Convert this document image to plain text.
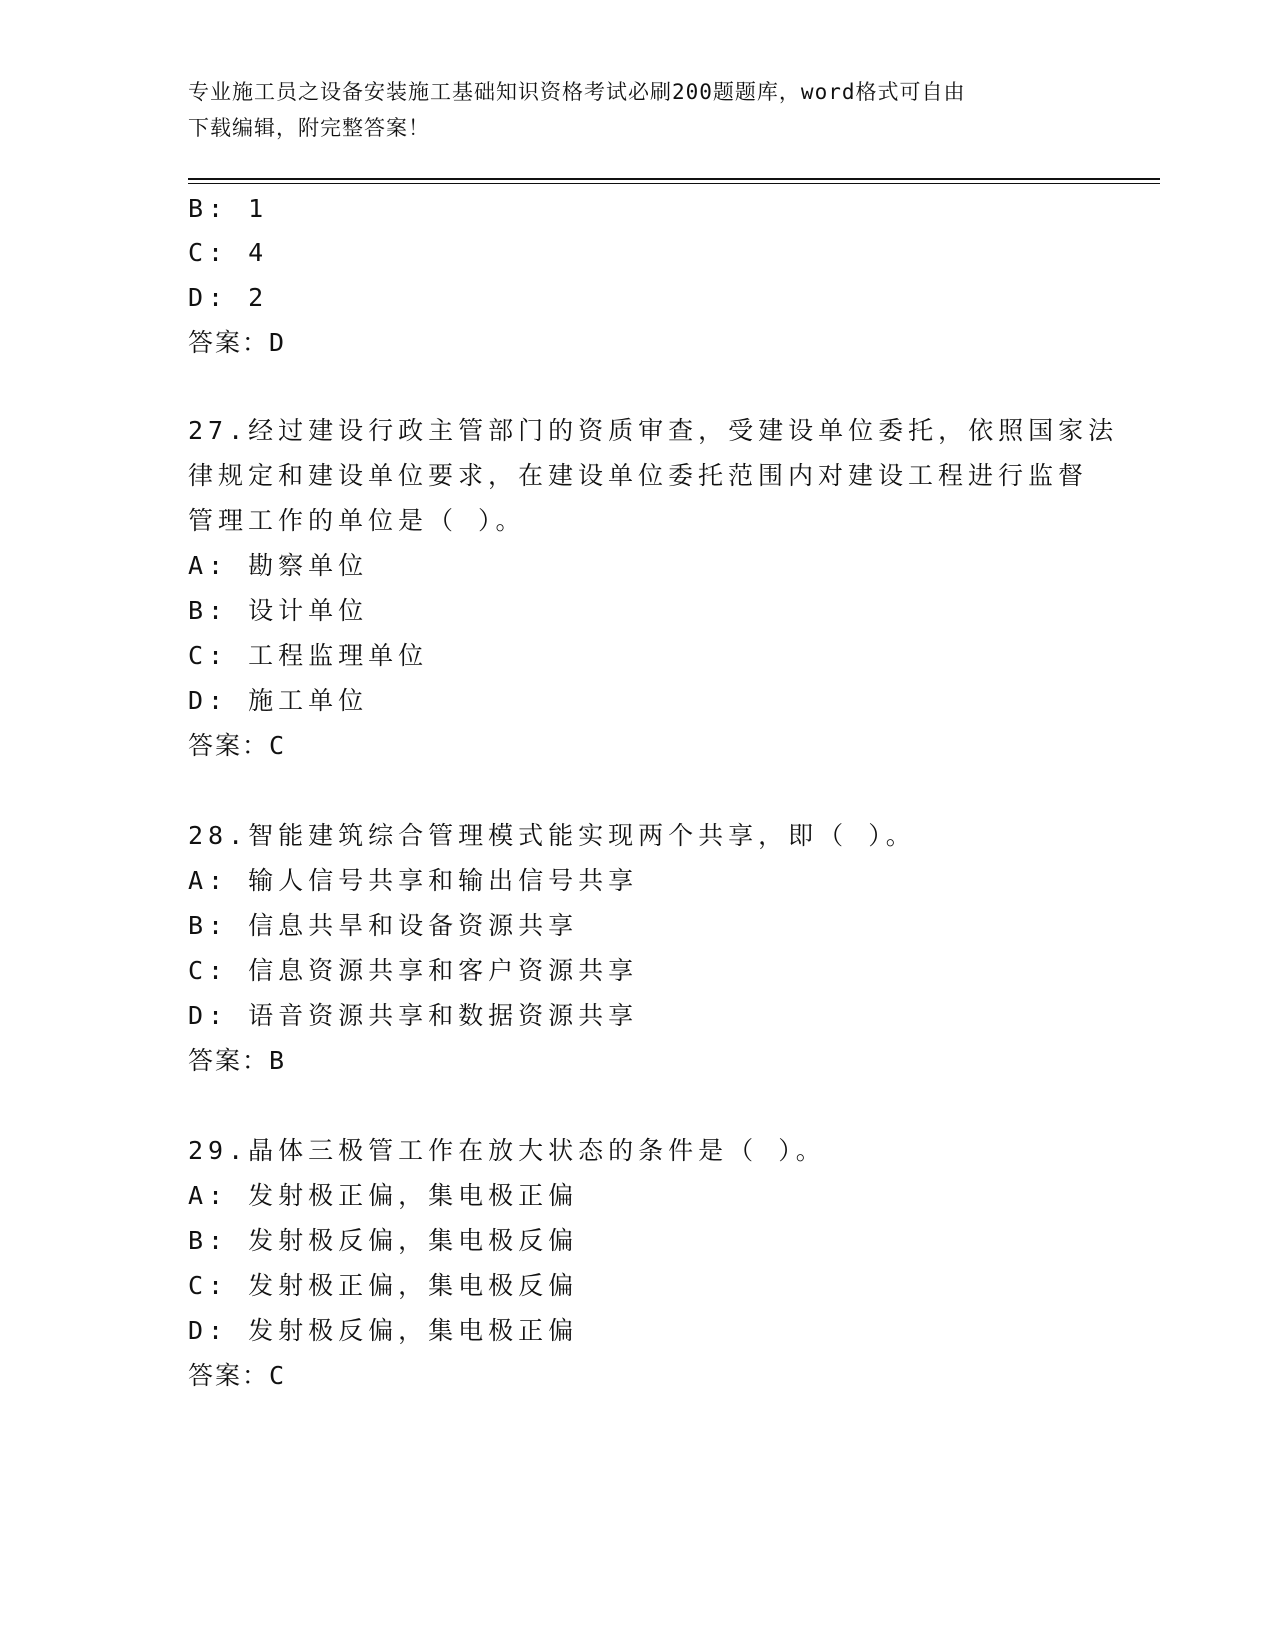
专业施工员之设备安装施工基础知识资格考试必刷200题题库，word格式可自由
下载编辑，附完整答案！
B: 1
C: 4
D: 2
答案：D
27.经过建设行政主管部门的资质审查，受建设单位委托，依照国家法
律规定和建设单位要求，在建设单位委托范围内对建设工程进行监督
管理工作的单位是（ ）。
A: 勘察单位
B: 设计单位
C: 工程监理单位
D: 施工单位
答案：C
28.智能建筑综合管理模式能实现两个共享，即（ ）。
A: 输人信号共享和输出信号共享
B: 信息共旱和设备资源共享
C: 信息资源共享和客户资源共享
D: 语音资源共享和数据资源共享
答案：B
29.晶体三极管工作在放大状态的条件是（ ）。
A: 发射极正偏，集电极正偏
B: 发射极反偏，集电极反偏
C: 发射极正偏，集电极反偏
D: 发射极反偏，集电极正偏
答案：C
